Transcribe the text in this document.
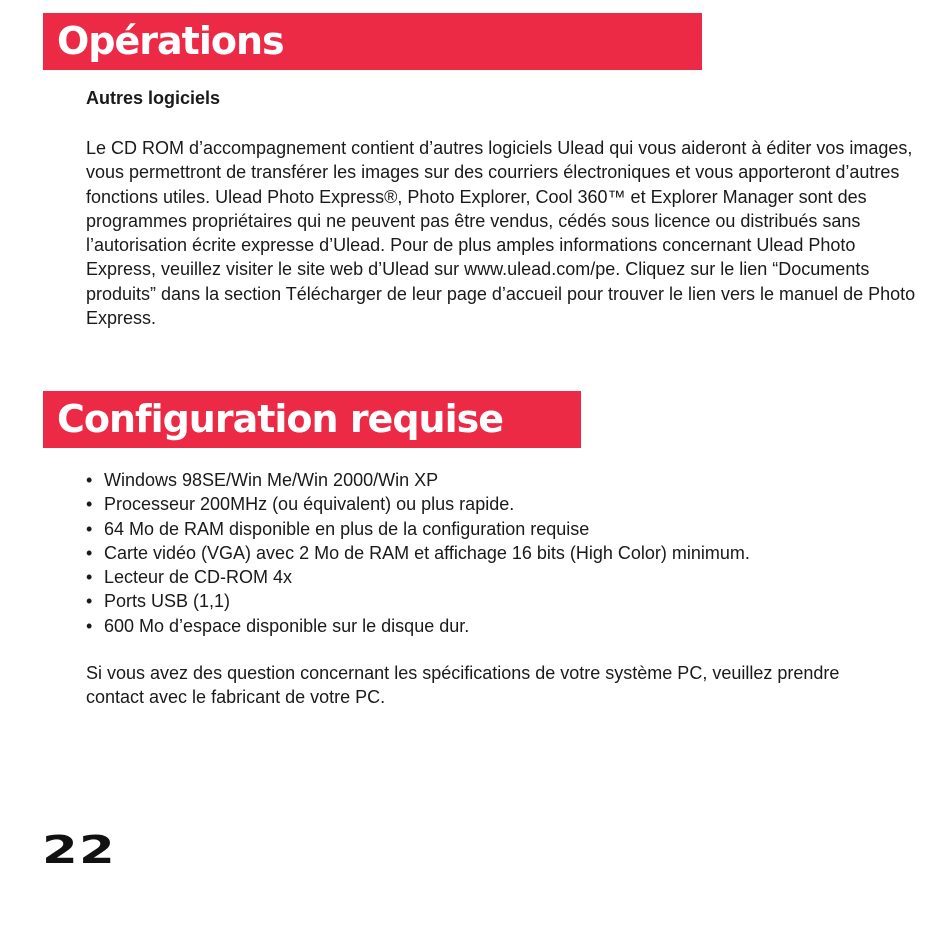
Opérations
Autres logiciels

Le CD ROM d’accompagnement contient d’autres logiciels Ulead qui vous aideront à éditer vos images, vous permettront de transférer les images sur des courriers électroniques et vous apporteront d’autres fonctions utiles. Ulead Photo Express®, Photo Explorer, Cool 360™ et Explorer Manager sont des programmes propriétaires qui ne peuvent pas être vendus, cédés sous licence ou distribués sans l’autorisation écrite expresse d’Ulead. Pour de plus amples informations concernant Ulead Photo Express, veuillez visiter le site web d’Ulead sur www.ulead.com/pe. Cliquez sur le lien “Documents produits” dans la section Télécharger de leur page d’accueil pour trouver le lien vers le manuel de Photo Express.

Configuration requise
• Windows 98SE/Win Me/Win 2000/Win XP
• Processeur 200MHz (ou équivalent) ou plus rapide.
• 64 Mo de RAM disponible en plus de la configuration requise
• Carte vidéo (VGA) avec 2 Mo de RAM et affichage 16 bits (High Color) minimum.
• Lecteur de CD-ROM 4x
• Ports USB (1,1)
• 600 Mo d’espace disponible sur le disque dur.

Si vous avez des question concernant les spécifications de votre système PC, veuillez prendre contact avec le fabricant de votre PC.

22
